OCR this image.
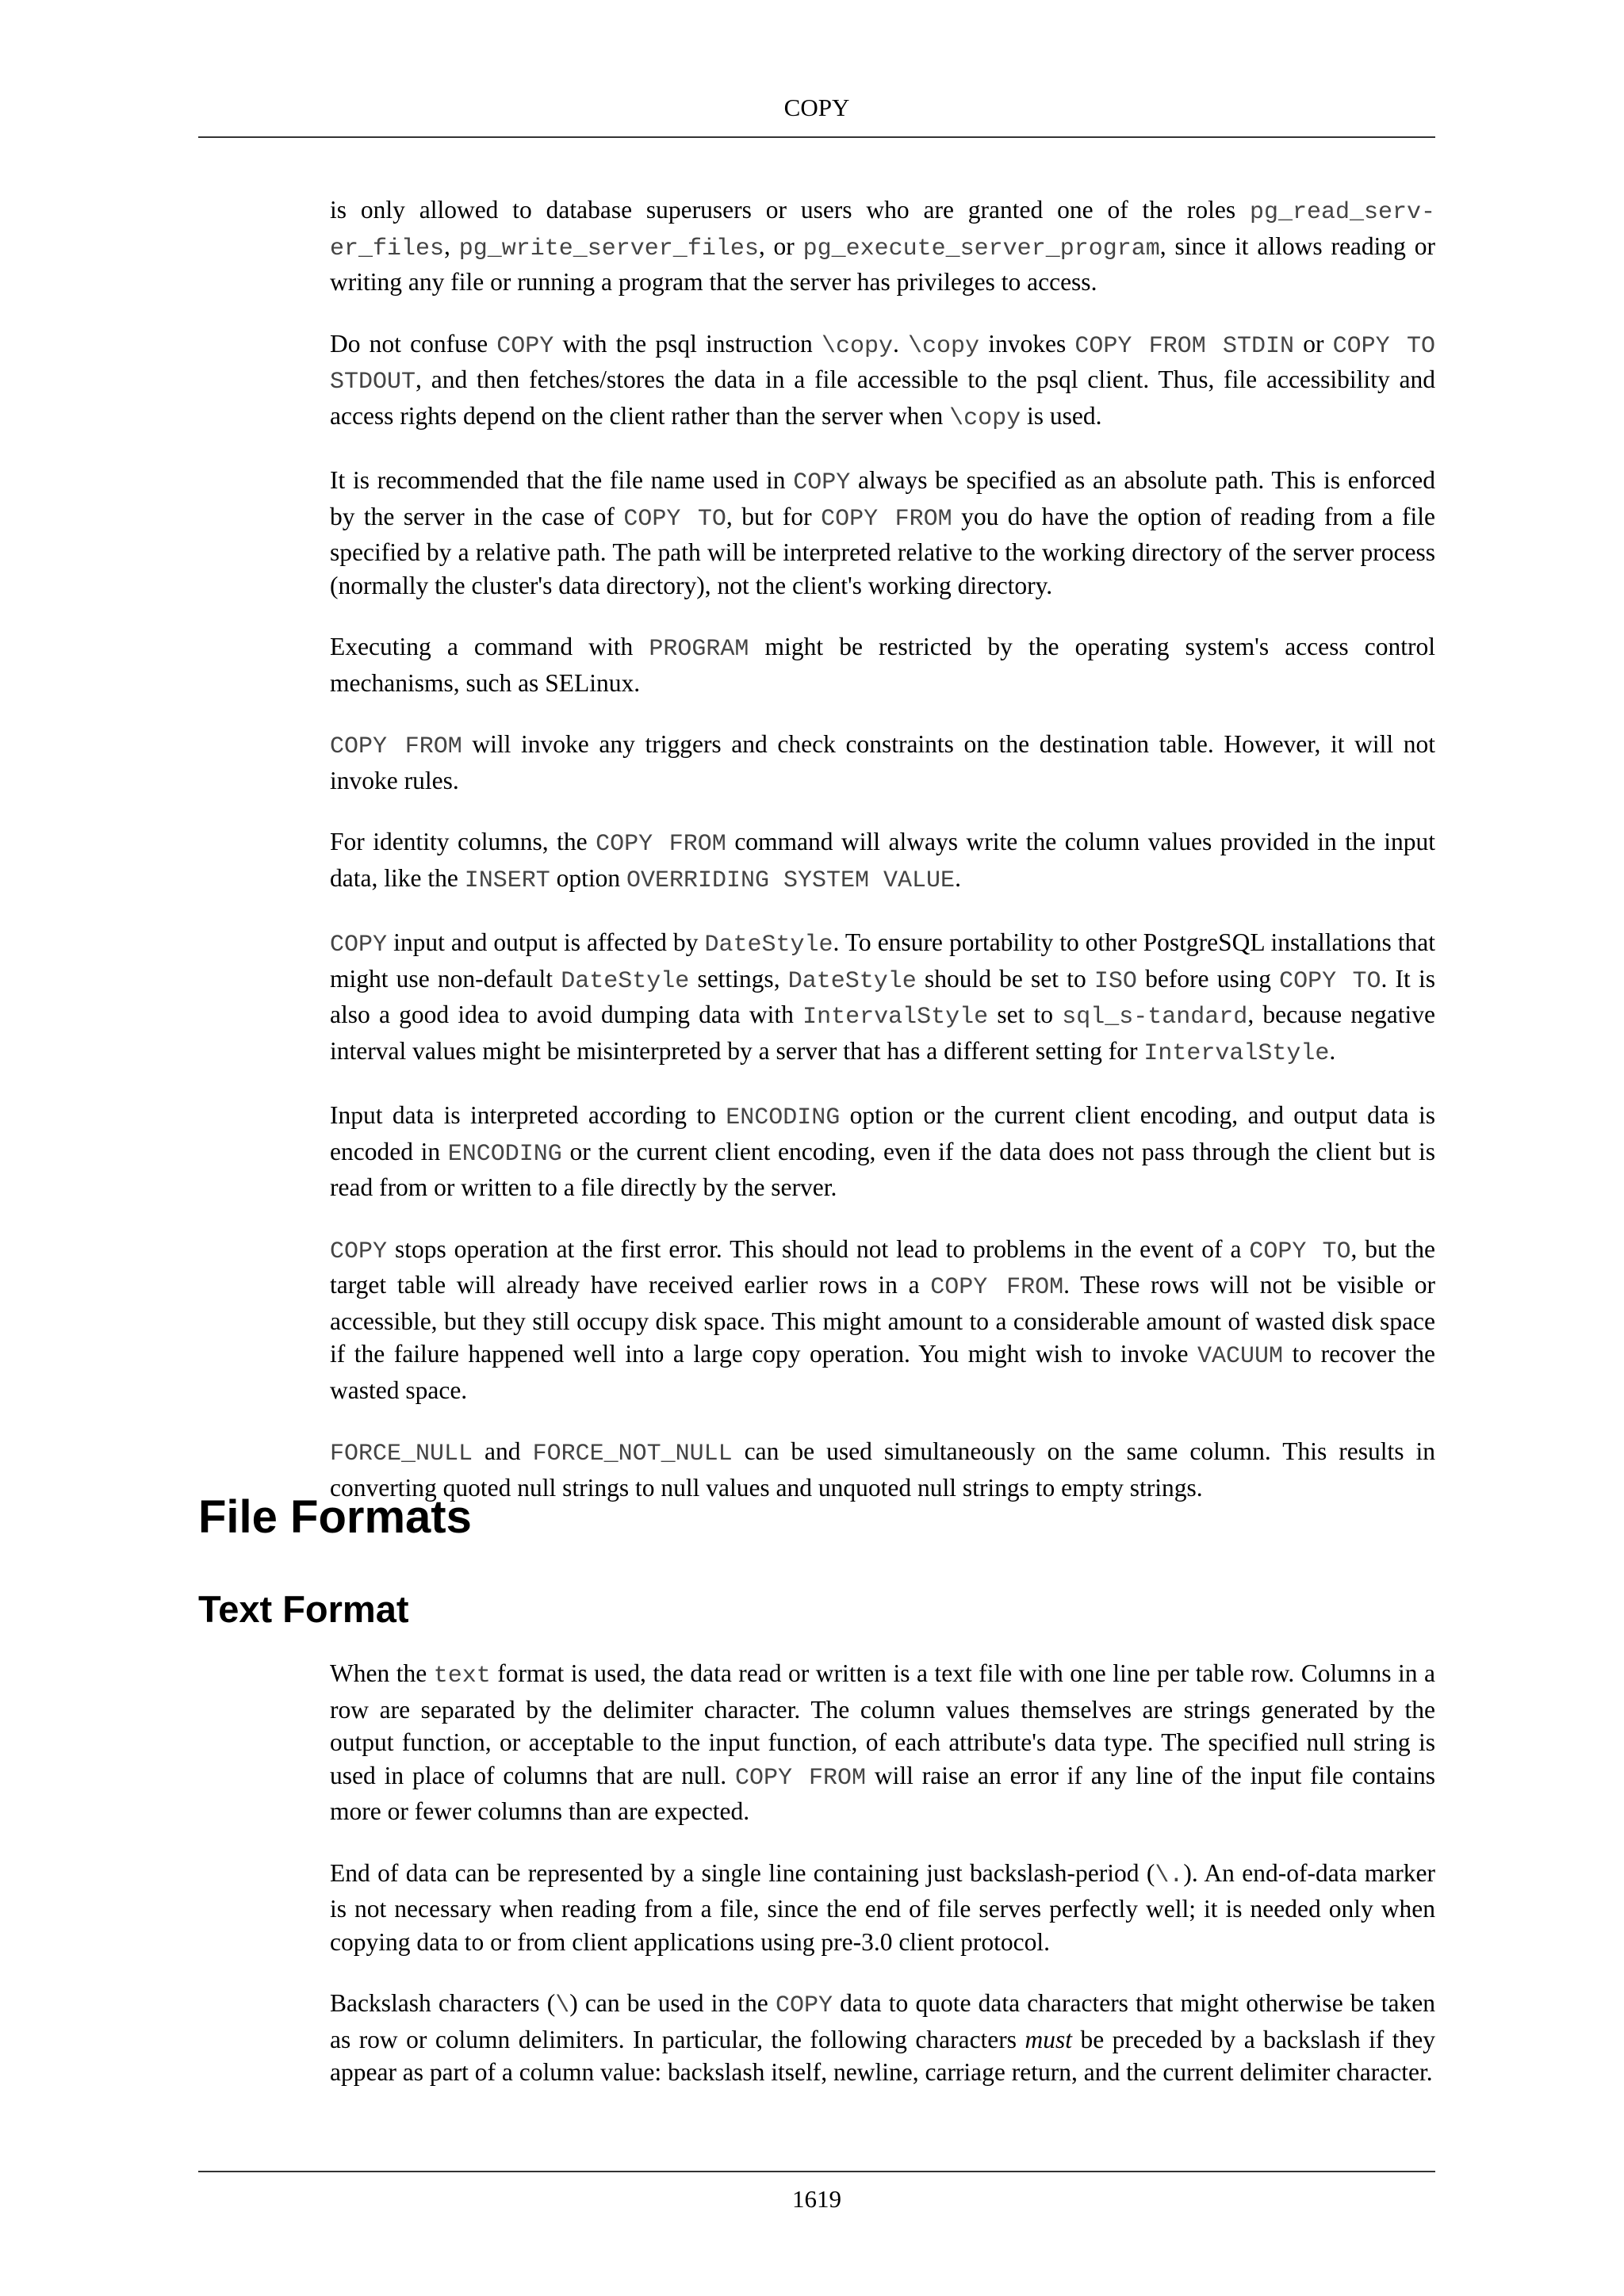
COPY

is only allowed to database superusers or users who are granted one of the roles pg_read_serv-er_files, pg_write_server_files, or pg_execute_server_program, since it allows reading or writing any file or running a program that the server has privileges to access.

Do not confuse COPY with the psql instruction \copy. \copy invokes COPY FROM STDIN or COPY TO STDOUT, and then fetches/stores the data in a file accessible to the psql client. Thus, file accessibility and access rights depend on the client rather than the server when \copy is used.

It is recommended that the file name used in COPY always be specified as an absolute path. This is enforced by the server in the case of COPY TO, but for COPY FROM you do have the option of reading from a file specified by a relative path. The path will be interpreted relative to the working directory of the server process (normally the cluster's data directory), not the client's working directory.

Executing a command with PROGRAM might be restricted by the operating system's access control mechanisms, such as SELinux.

COPY FROM will invoke any triggers and check constraints on the destination table. However, it will not invoke rules.

For identity columns, the COPY FROM command will always write the column values provided in the input data, like the INSERT option OVERRIDING SYSTEM VALUE.

COPY input and output is affected by DateStyle. To ensure portability to other PostgreSQL installations that might use non-default DateStyle settings, DateStyle should be set to ISO before using COPY TO. It is also a good idea to avoid dumping data with IntervalStyle set to sql_s-tandard, because negative interval values might be misinterpreted by a server that has a different setting for IntervalStyle.

Input data is interpreted according to ENCODING option or the current client encoding, and output data is encoded in ENCODING or the current client encoding, even if the data does not pass through the client but is read from or written to a file directly by the server.

COPY stops operation at the first error. This should not lead to problems in the event of a COPY TO, but the target table will already have received earlier rows in a COPY FROM. These rows will not be visible or accessible, but they still occupy disk space. This might amount to a considerable amount of wasted disk space if the failure happened well into a large copy operation. You might wish to invoke VACUUM to recover the wasted space.

FORCE_NULL and FORCE_NOT_NULL can be used simultaneously on the same column. This results in converting quoted null strings to null values and unquoted null strings to empty strings.

File Formats
Text Format

When the text format is used, the data read or written is a text file with one line per table row. Columns in a row are separated by the delimiter character. The column values themselves are strings generated by the output function, or acceptable to the input function, of each attribute's data type. The specified null string is used in place of columns that are null. COPY FROM will raise an error if any line of the input file contains more or fewer columns than are expected.

End of data can be represented by a single line containing just backslash-period (\.). An end-of-data marker is not necessary when reading from a file, since the end of file serves perfectly well; it is needed only when copying data to or from client applications using pre-3.0 client protocol.

Backslash characters (\) can be used in the COPY data to quote data characters that might otherwise be taken as row or column delimiters. In particular, the following characters must be preceded by a backslash if they appear as part of a column value: backslash itself, newline, carriage return, and the current delimiter character.

1619
